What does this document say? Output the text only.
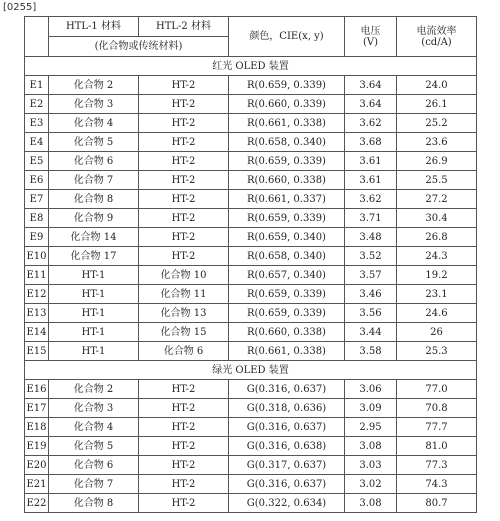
[0255]
	HTL-1 材料	HTL-2 材料	颜色，CIE(x, y)	电压
(V)	电流效率
(cd/A)
	(化合物或传统材料)				
红光 OLED 装置					
E1	化合物 2	HT-2	R(0.659, 0.339)	3.64	24.0
E2	化合物 3	HT-2	R(0.660, 0.339)	3.64	26.1
E3	化合物 4	HT-2	R(0.661, 0.338)	3.62	25.2
E4	化合物 5	HT-2	R(0.658, 0.340)	3.68	23.6
E5	化合物 6	HT-2	R(0.659, 0.339)	3.61	26.9
E6	化合物 7	HT-2	R(0.660, 0.338)	3.61	25.5
E7	化合物 8	HT-2	R(0.661, 0.337)	3.62	27.2
E8	化合物 9	HT-2	R(0.659, 0.339)	3.71	30.4
E9	化合物 14	HT-2	R(0.659, 0.340)	3.48	26.8
E10	化合物 17	HT-2	R(0.658, 0.340)	3.52	24.3
E11	HT-1	化合物 10	R(0.657, 0.340)	3.57	19.2
E12	HT-1	化合物 11	R(0.659, 0.339)	3.46	23.1
E13	HT-1	化合物 13	R(0.659, 0.339)	3.56	24.6
E14	HT-1	化合物 15	R(0.660, 0.338)	3.44	26
E15	HT-1	化合物 6	R(0.661, 0.338)	3.58	25.3
绿光 OLED 装置					
E16	化合物 2	HT-2	G(0.316, 0.637)	3.06	77.0
E17	化合物 3	HT-2	G(0.318, 0.636)	3.09	70.8
E18	化合物 4	HT-2	G(0.316, 0.637)	2.95	77.7
E19	化合物 5	HT-2	G(0.316, 0.638)	3.08	81.0
E20	化合物 6	HT-2	G(0.317, 0.637)	3.03	77.3
E21	化合物 7	HT-2	G(0.316, 0.637)	3.02	74.3
E22	化合物 8	HT-2	G(0.322, 0.634)	3.08	80.7
